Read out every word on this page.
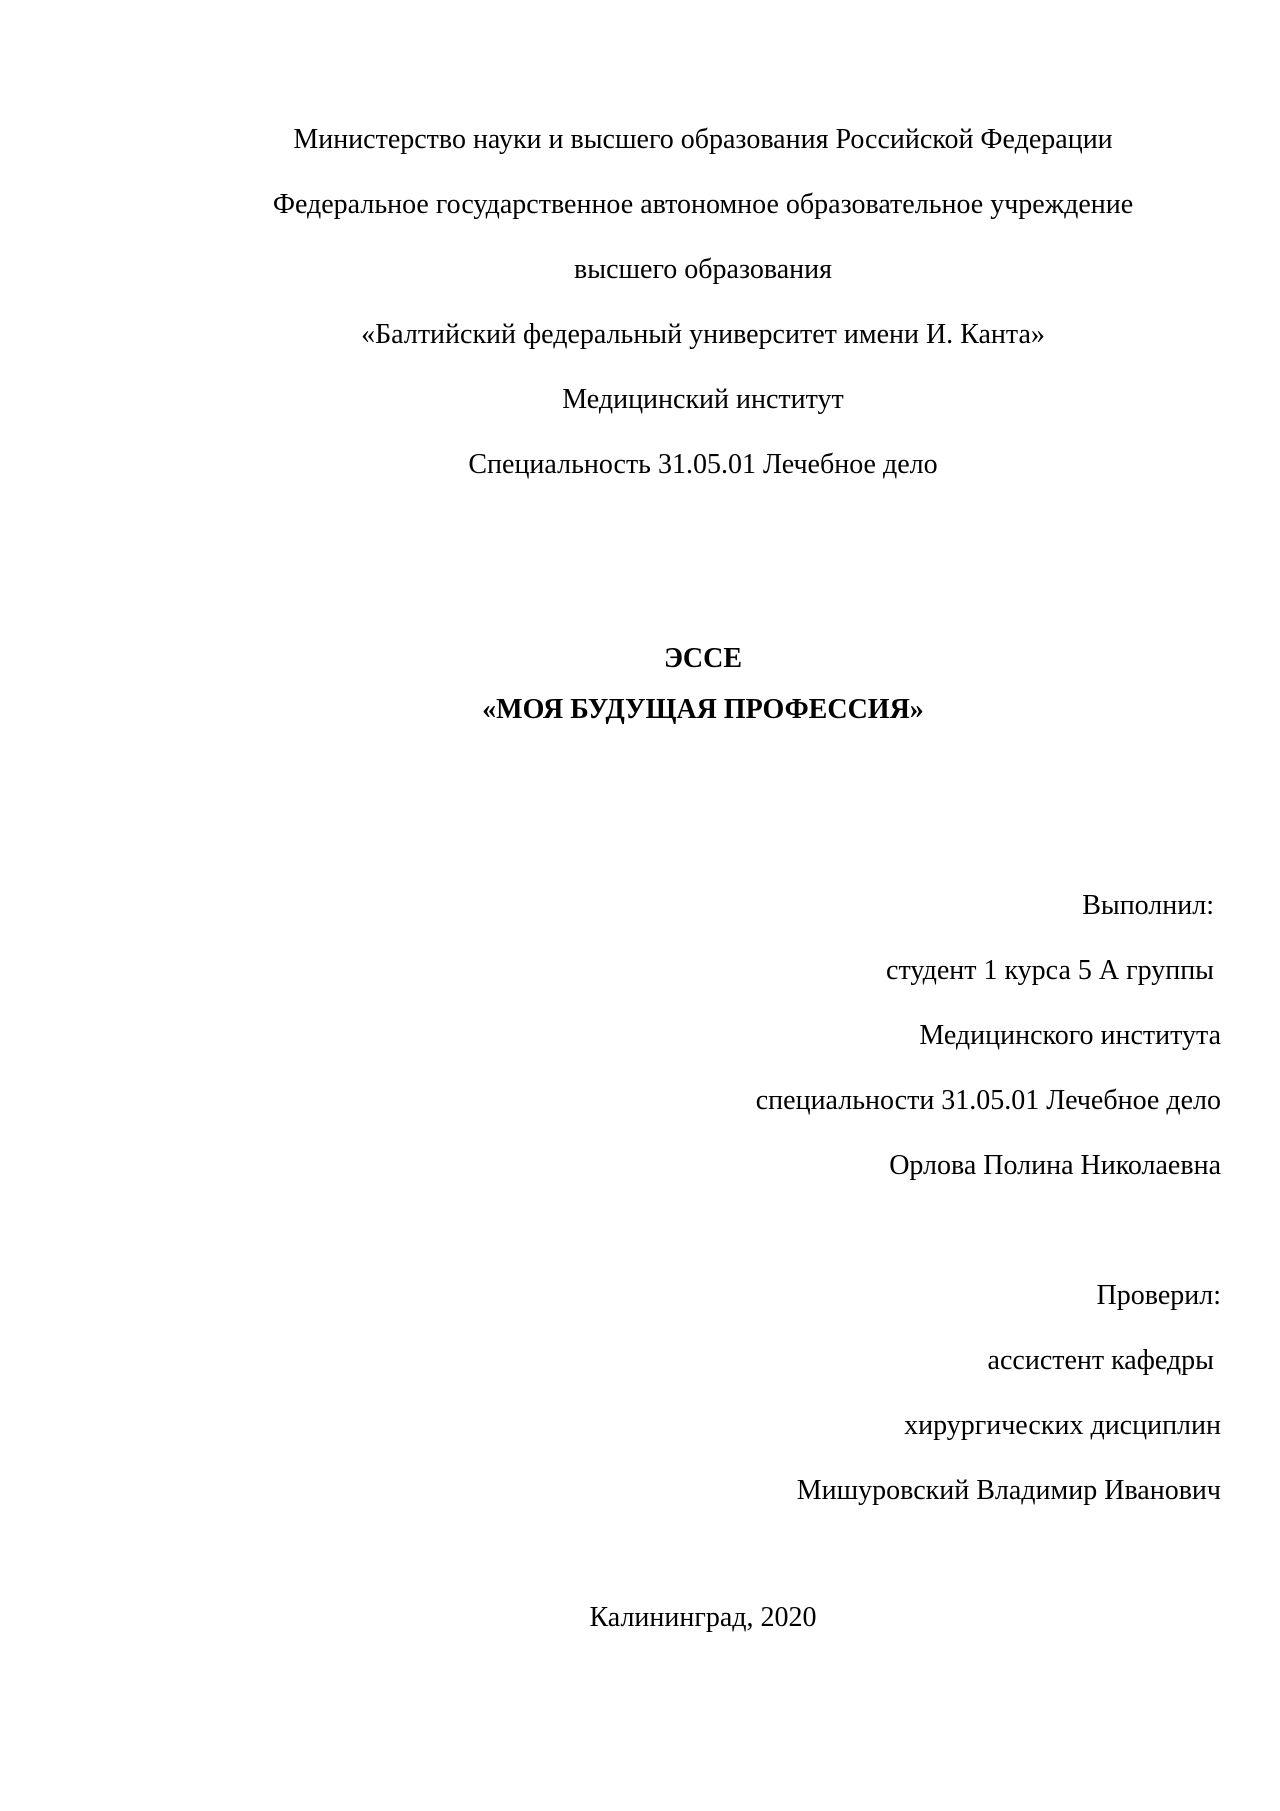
Министерство науки и высшего образования Российской Федерации

Федеральное государственное автономное образовательное учреждение

высшего образования

«Балтийский федеральный университет имени И. Канта»

Медицинский институт

Специальность 31.05.01 Лечебное дело

ЭССЕ

«МОЯ БУДУЩАЯ ПРОФЕССИЯ»

Выполнил:

студент 1 курса 5 А группы

Медицинского института

специальности 31.05.01 Лечебное дело

Орлова Полина Николаевна

Проверил:

ассистент кафедры

хирургических дисциплин

Мишуровский Владимир Иванович

Калининград, 2020
